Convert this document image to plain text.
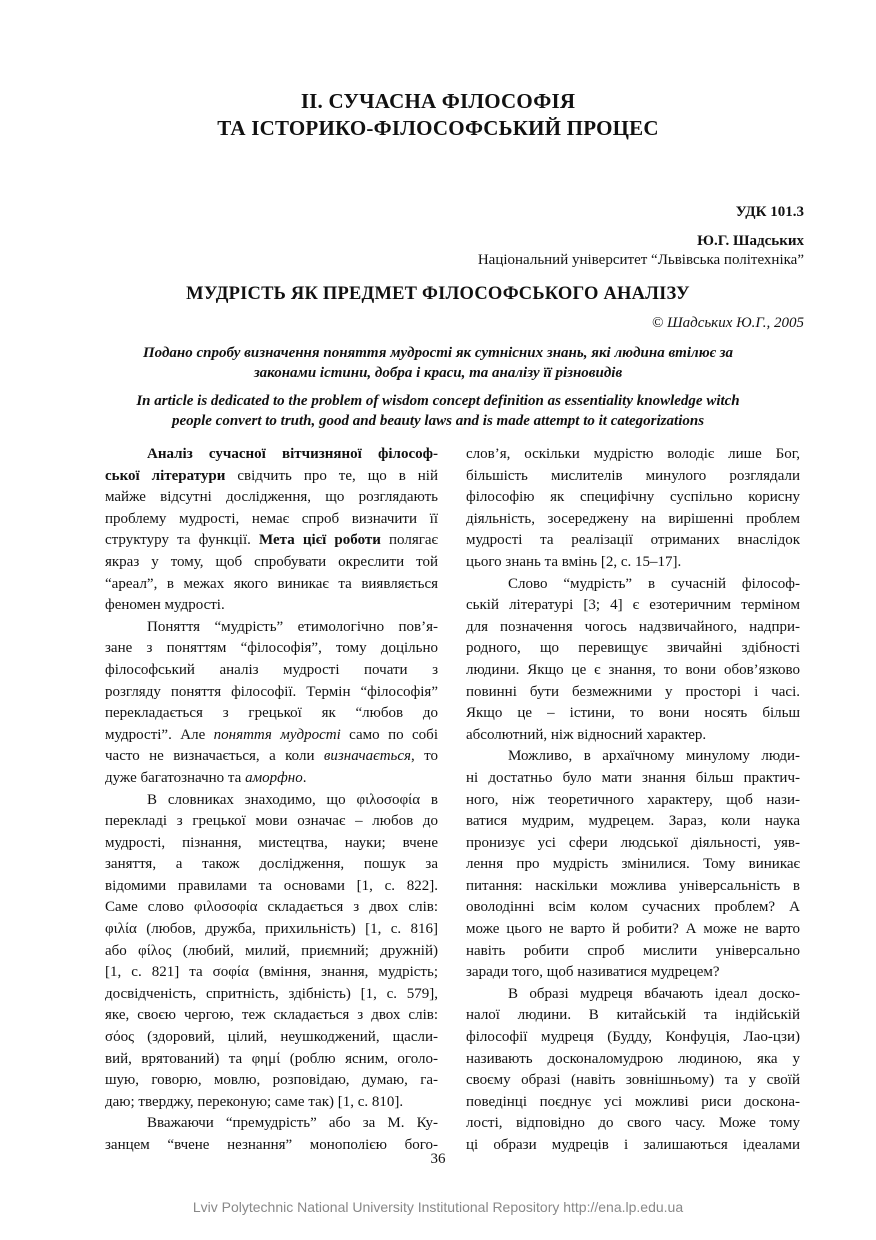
ІІ. СУЧАСНА ФІЛОСОФІЯ
ТА ІСТОРИКО-ФІЛОСОФСЬКИЙ ПРОЦЕС
УДК 101.3
Ю.Г. Шадських
Національний університет “Львівська політехніка”
МУДРІСТЬ ЯК ПРЕДМЕТ ФІЛОСОФСЬКОГО АНАЛІЗУ
© Шадських Ю.Г., 2005
Подано спробу визначення поняття мудрості як сутнісних знань, які людина втілює за
законами істини, добра і краси, та аналізу її різновидів
In article is dedicated to the problem of wisdom concept definition as essentiality knowledge witch
people convert to truth, good and beauty laws and is made attempt to it categorizations
Аналіз сучасної вітчизняної філософ-
ської літератури свідчить про те, що в ній
майже відсутні дослідження, що розглядають
проблему мудрості, немає спроб визначити її
структуру та функції. Мета цієї роботи полягає
якраз у тому, щоб спробувати окреслити той
“ареал”, в межах якого виникає та виявляється
феномен мудрості.
Поняття “мудрість” етимологічно пов’я-
зане з поняттям “філософія”, тому доцільно
філософський аналіз мудрості почати з
розгляду поняття філософії. Термін “філософія”
перекладається з грецької як “любов до
мудрості”. Але поняття мудрості само по собі
часто не визначається, а коли визначається, то
дуже багатозначно та аморфно.
В словниках знаходимо, що φιλοσοφία в
перекладі з грецької мови означає – любов до
мудрості, пізнання, мистецтва, науки; вчене
заняття, а також дослідження, пошук за
відомими правилами та основами [1, с. 822].
Саме слово φιλοσοφία складається з двох слів:
φιλία (любов, дружба, прихильність) [1, с. 816]
або φίλος (любий, милий, приємний; дружній)
[1, с. 821] та σοφία (вміння, знання, мудрість;
досвідченість, спритність, здібність) [1, с. 579],
яке, своєю чергою, теж складається з двох слів:
σόος (здоровий, цілий, неушкоджений, щасли-
вий, врятований) та φημί (роблю ясним, оголо-
шую, говорю, мовлю, розповідаю, думаю, га-
даю; тверджу, переконую; саме так) [1, с. 810].
Вважаючи “премудрість” або за М. Ку-
занцем “вчене незнання” монополією бого-
слов’я, оскільки мудрістю володіє лише Бог,
більшість мислителів минулого розглядали
філософію як специфічну суспільно корисну
діяльність, зосереджену на вирішенні проблем
мудрості та реалізації отриманих внаслідок
цього знань та вмінь [2, с. 15–17].
Слово “мудрість” в сучасній філософ-
ській літературі [3; 4] є езотеричним терміном
для позначення чогось надзвичайного, надпри-
родного, що перевищує звичайні здібності
людини. Якщо це є знання, то вони обов’язково
повинні бути безмежними у просторі і часі.
Якщо це – істини, то вони носять більш
абсолютний, ніж відносний характер.
Можливо, в архаїчному минулому люди-
ні достатньо було мати знання більш практич-
ного, ніж теоретичного характеру, щоб нази-
ватися мудрим, мудрецем. Зараз, коли наука
пронизує усі сфери людської діяльності, уяв-
лення про мудрість змінилися. Тому виникає
питання: наскільки можлива універсальність в
оволодінні всім колом сучасних проблем? А
може цього не варто й робити? А може не варто
навіть робити спроб мислити універсально
заради того, щоб називатися мудрецем?
В образі мудреця вбачають ідеал доско-
налої людини. В китайській та індійській
філософії мудреця (Будду, Конфуція, Лао-цзи)
називають досконаломудрою людиною, яка у
своєму образі (навіть зовнішньому) та у своїй
поведінці поєднує усі можливі риси доскона-
лості, відповідно до свого часу. Може тому
ці образи мудреців і залишаються ідеалами
36
Lviv Polytechnic National University Institutional Repository http://ena.lp.edu.ua
